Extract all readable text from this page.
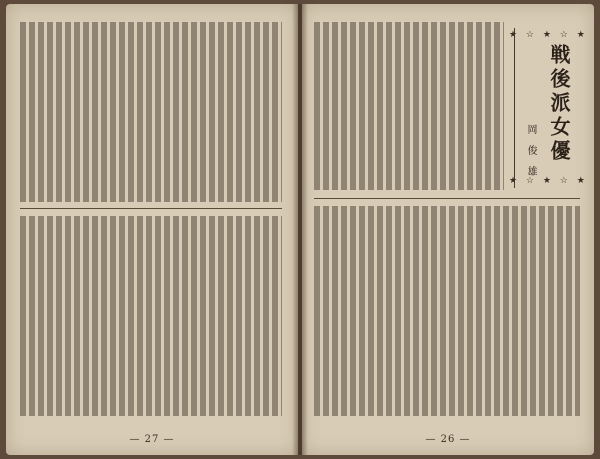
— 27 —
★ ☆ ★ ☆ ★
戦後派女優
岡 俊 雄
★ ☆ ★ ☆ ★
— 26 —
